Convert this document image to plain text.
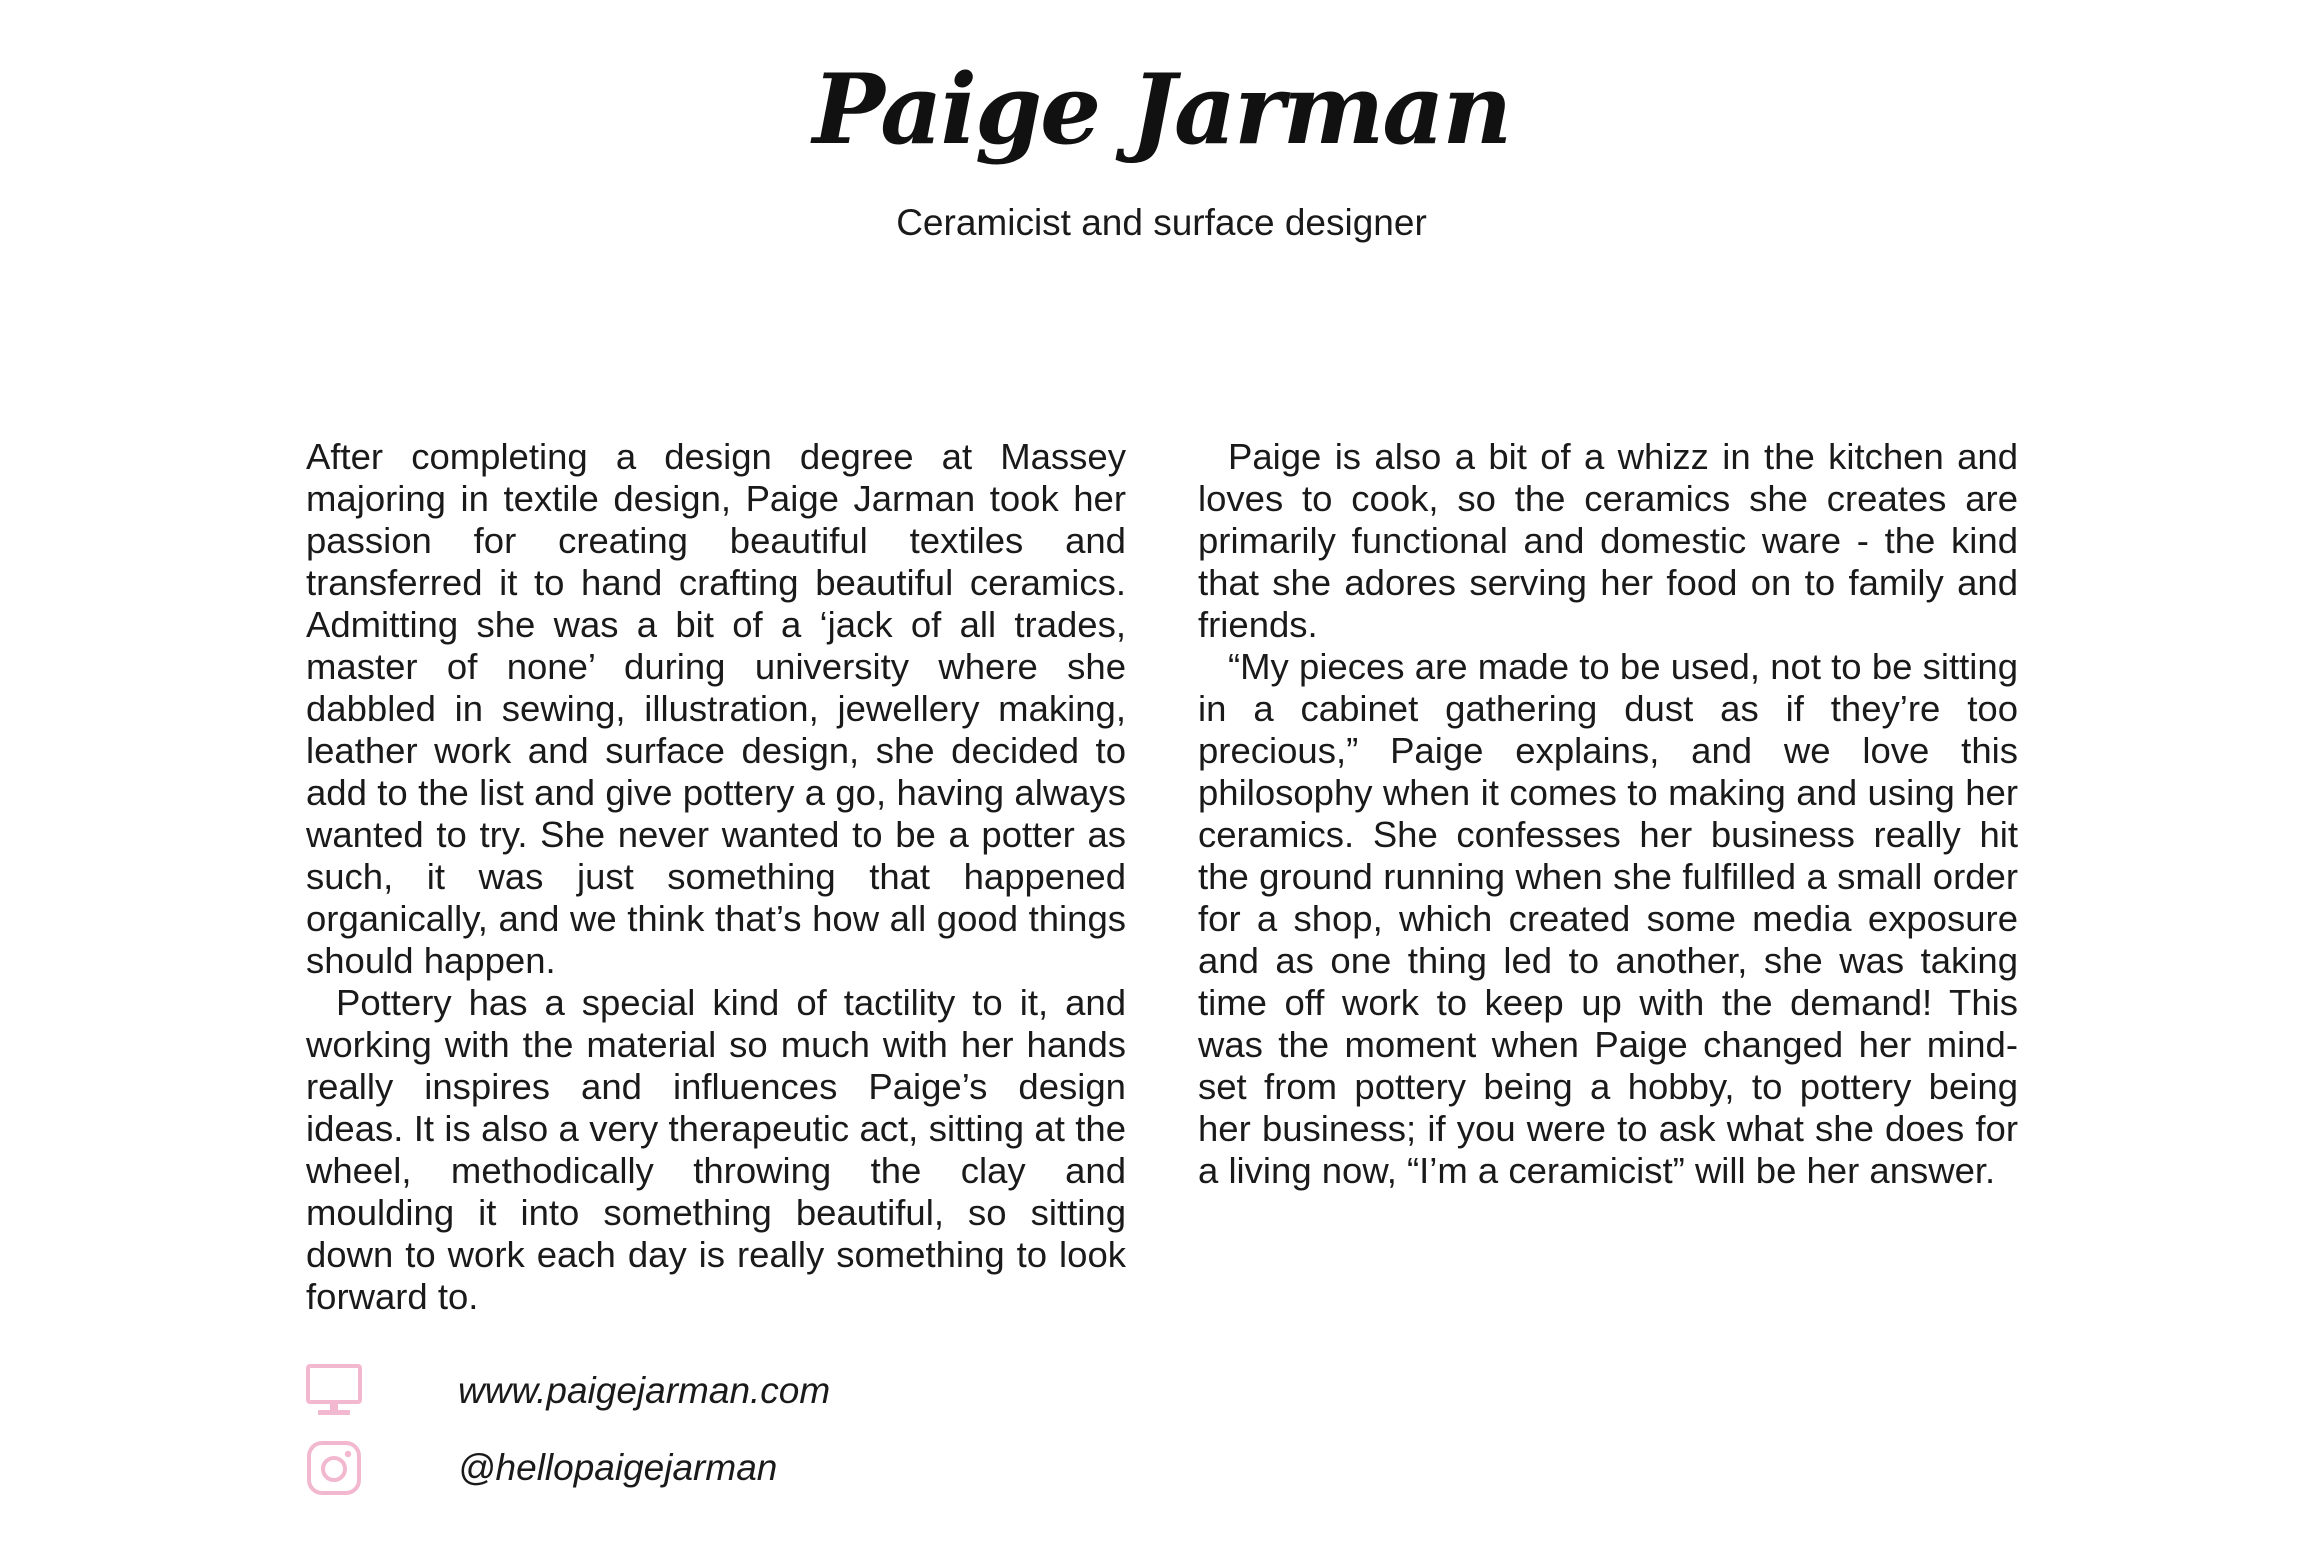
Paige Jarman
Ceramicist and surface designer

After completing a design degree at Massey majoring in textile design, Paige Jarman took her passion for creating beautiful textiles and transferred it to hand crafting beautiful ceramics. Admitting she was a bit of a ‘jack of all trades, master of none’ during university where she dabbled in sewing, illustration, jewellery making, leather work and surface design, she decided to add to the list and give pottery a go, having always wanted to try. She never wanted to be a potter as such, it was just something that happened organically, and we think that’s how all good things should happen.

Pottery has a special kind of tactility to it, and working with the material so much with her hands really inspires and influences Paige’s design ideas. It is also a very therapeutic act, sitting at the wheel, methodically throwing the clay and moulding it into something beautiful, so sitting down to work each day is really something to look forward to.

Paige is also a bit of a whizz in the kitchen and loves to cook, so the ceramics she creates are primarily functional and domestic ware - the kind that she adores serving her food on to family and friends.

“My pieces are made to be used, not to be sitting in a cabinet gathering dust as if they’re too precious,” Paige explains, and we love this philosophy when it comes to making and using her ceramics. She confesses her business really hit the ground running when she fulfilled a small order for a shop, which created some media exposure and as one thing led to another, she was taking time off work to keep up with the demand! This was the moment when Paige changed her mind-set from pottery being a hobby, to pottery being her business; if you were to ask what she does for a living now, “I’m a ceramicist” will be her answer.

www.paigejarman.com
@hellopaigejarman
